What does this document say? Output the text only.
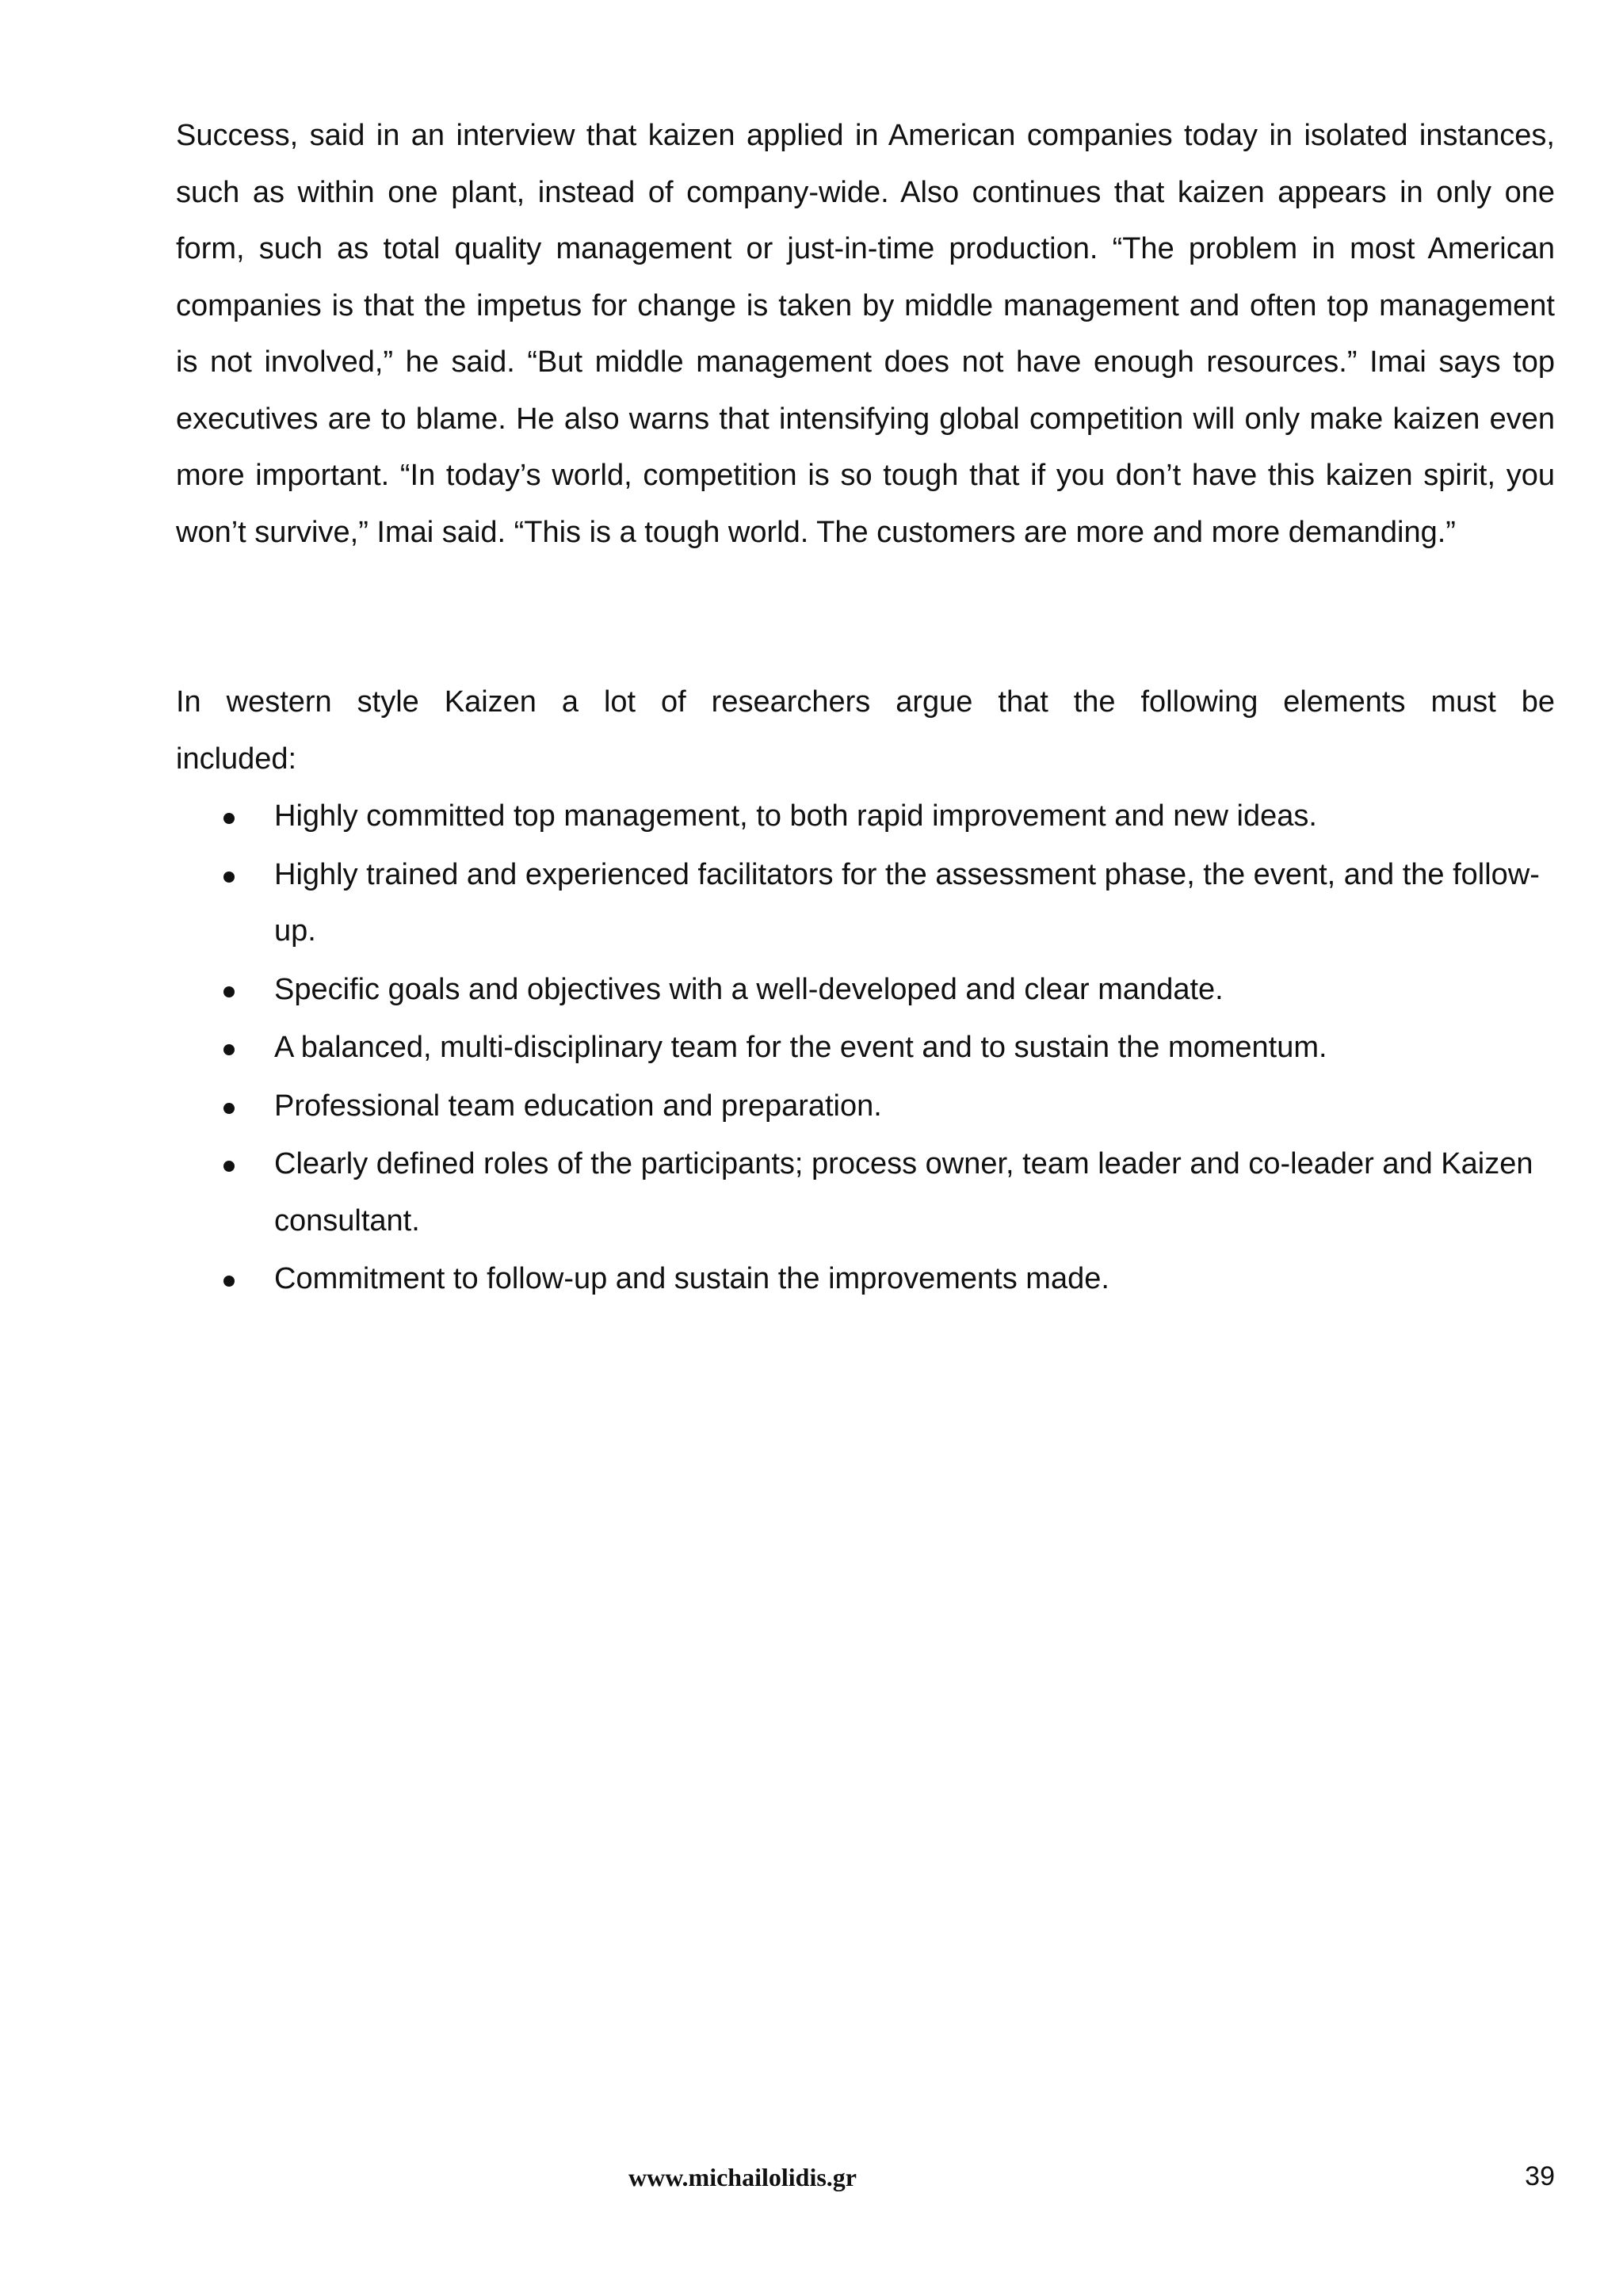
Success, said in an interview that kaizen applied in American companies today in isolated instances, such as within one plant, instead of company-wide. Also continues that kaizen appears in only one form, such as total quality management or just-in-time production. “The problem in most American companies is that the impetus for change is taken by middle management and often top management is not involved,” he said. “But middle management does not have enough resources.” Imai says top executives are to blame. He also warns that intensifying global competition will only make kaizen even more important. “In today’s world, competition is so tough that if you don’t have this kaizen spirit, you won’t survive,” Imai said. “This is a tough world. The customers are more and more demanding.”

In western style Kaizen a lot of researchers argue that the following elements must be
included:

Highly committed top management, to both rapid improvement and new ideas.
Highly trained and experienced facilitators for the assessment phase, the event, and the follow-up.
Specific goals and objectives with a well-developed and clear mandate.
A balanced, multi-disciplinary team for the event and to sustain the momentum.
Professional team education and preparation.
Clearly defined roles of the participants; process owner, team leader and co-leader and Kaizen consultant.
Commitment to follow-up and sustain the improvements made.
www.michailolidis.gr	39
